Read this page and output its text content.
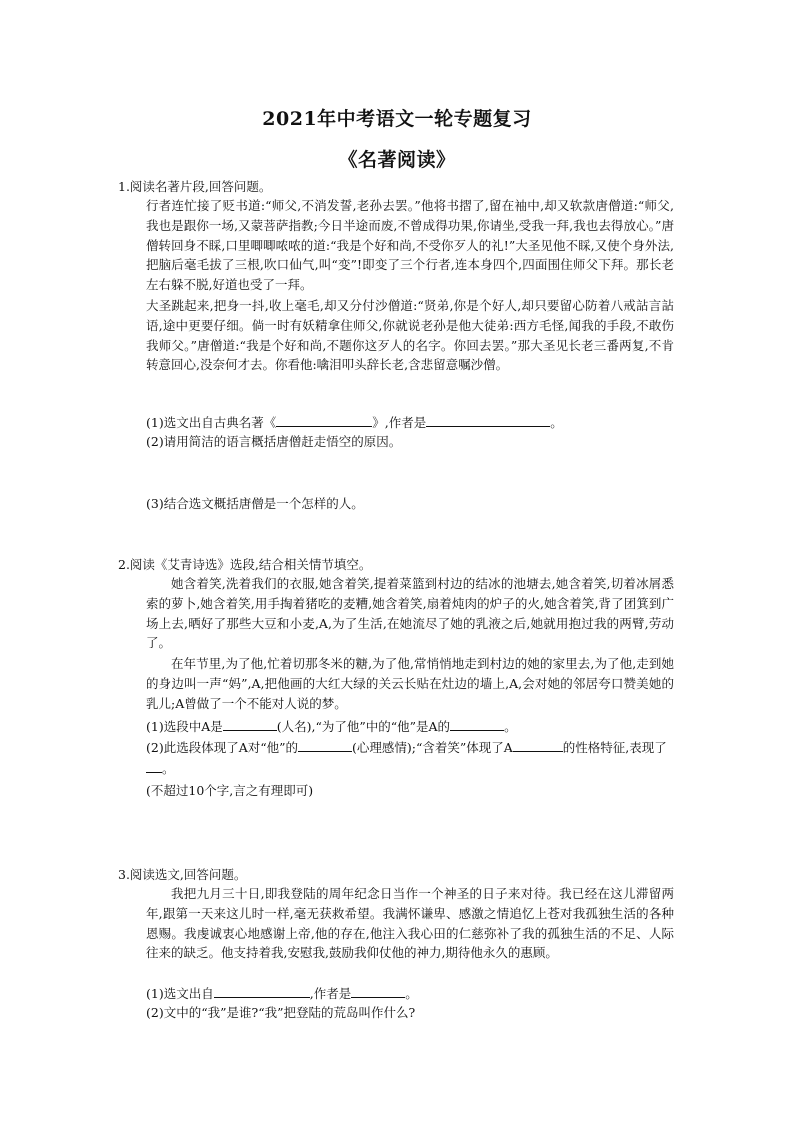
2021年中考语文一轮专题复习
《名著阅读》
1.阅读名著片段,回答问题。
行者连忙接了贬书道:“师父,不消发誓,老孙去罢。”他将书摺了,留在袖中,却又软款唐僧道:“师父,我也是跟你一场,又蒙菩萨指教;今日半途而废,不曾成得功果,你请坐,受我一拜,我也去得放心。”唐僧转回身不睬,口里唧唧哝哝的道:“我是个好和尚,不受你歹人的礼!”大圣见他不睬,又使个身外法,把脑后毫毛拔了三根,吹口仙气,叫“变”!即变了三个行者,连本身四个,四面围住师父下拜。那长老左右躲不脱,好道也受了一拜。
大圣跳起来,把身一抖,收上毫毛,却又分付沙僧道:“贤弟,你是个好人,却只要留心防着八戒詀言詀语,途中更要仔细。倘一时有妖精拿住师父,你就说老孙是他大徒弟:西方毛怪,闻我的手段,不敢伤我师父。”唐僧道:“我是个好和尚,不题你这歹人的名字。你回去罢。”那大圣见长老三番两复,不肯转意回心,没奈何才去。你看他:噙泪叩头辞长老,含悲留意嘱沙僧。
(1)选文出自古典名著《	》,作者是	。
(2)请用简洁的语言概括唐僧赶走悟空的原因。
(3)结合选文概括唐僧是一个怎样的人。
2.阅读《艾青诗选》选段,结合相关情节填空。
她含着笑,洗着我们的衣服,她含着笑,提着菜篮到村边的结冰的池塘去,她含着笑,切着冰屑悉索的萝卜,她含着笑,用手掏着猪吃的麦糟,她含着笑,扇着炖肉的炉子的火,她含着笑,背了团箕到广场上去,晒好了那些大豆和小麦,A,为了生活,在她流尽了她的乳液之后,她就用抱过我的两臂,劳动了。
在年节里,为了他,忙着切那冬米的糖,为了他,常悄悄地走到村边的她的家里去,为了他,走到她的身边叫一声“妈”,A,把他画的大红大绿的关云长贴在灶边的墙上,A,会对她的邻居夸口赞美她的乳儿;A曾做了一个不能对人说的梦。
(1)选段中A是	(人名),“为了他”中的“他”是A的	。
(2)此选段体现了A对“他”的	(心理感情);“含着笑”体现了A	的性格特征,表现了。
(不超过10个字,言之有理即可)
3.阅读选文,回答问题。
我把九月三十日,即我登陆的周年纪念日当作一个神圣的日子来对待。我已经在这儿滞留两年,跟第一天来这儿时一样,毫无获救希望。我满怀谦卑、感激之情追忆上苍对我孤独生活的各种恩赐。我虔诚衷心地感谢上帝,他的存在,他注入我心田的仁慈弥补了我的孤独生活的不足、人际往来的缺乏。他支持着我,安慰我,鼓励我仰仗他的神力,期待他永久的惠顾。
(1)选文出自	,作者是	。
(2)文中的“我”是谁?“我”把登陆的荒岛叫作什么?
